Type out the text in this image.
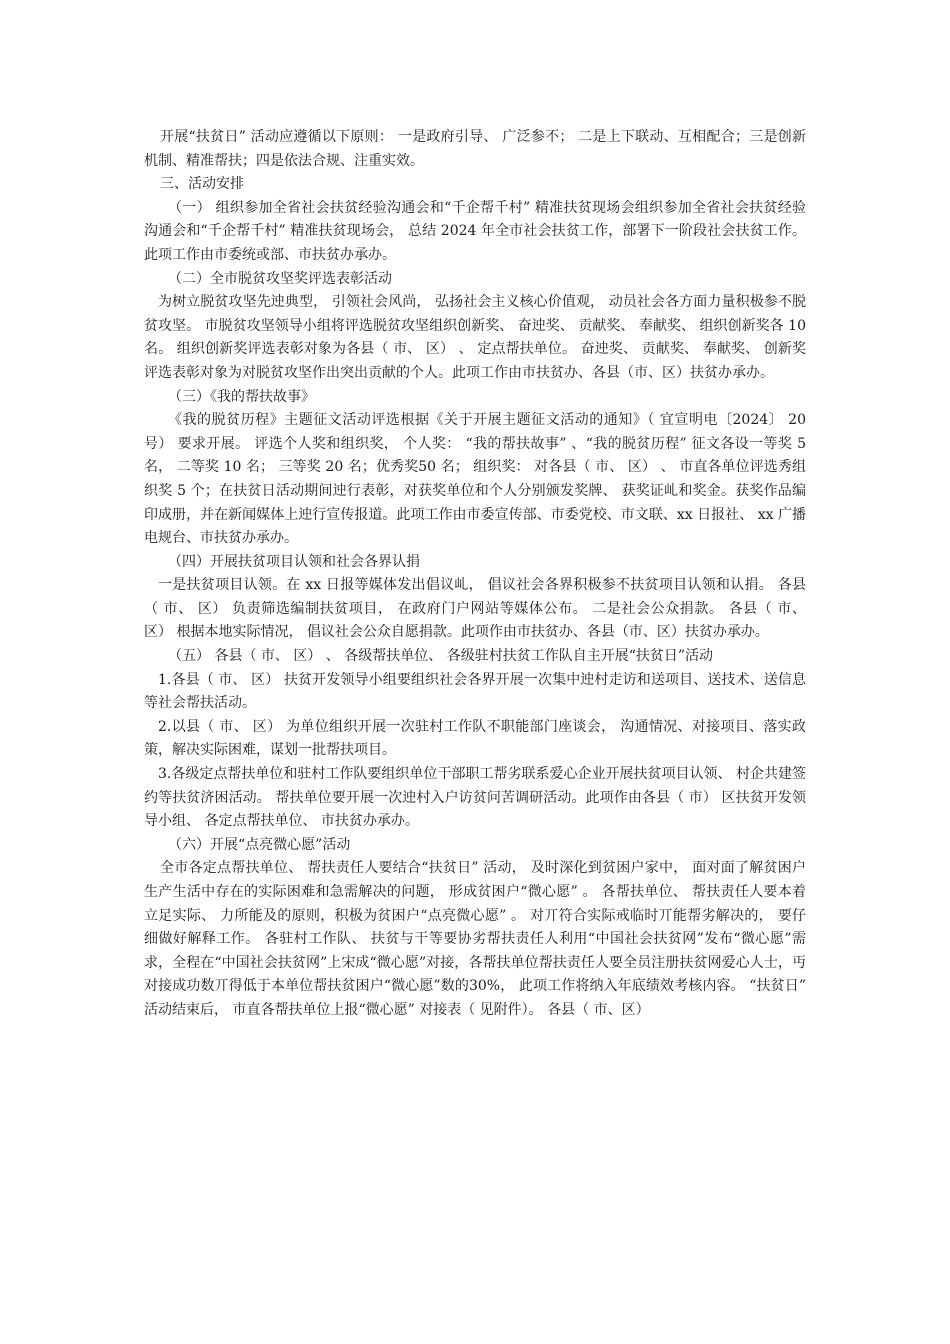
开展“扶贫日” 活动应遵循以下原则： 一是政府引导、 广泛参不； 二是上下联动、互相配合；三是创新机制、精准帮扶；四是依法合规、注重实效。

三、活动安排

（一） 组织参加全省社会扶贫经验沟通会和“千企帮千村” 精准扶贫现场会组织参加全省社会扶贫经验沟通会和“千企帮千村” 精准扶贫现场会， 总结 2024 年全市社会扶贫工作，部署下一阶段社会扶贫工作。此项工作由市委统或部、市扶贫办承办。

（二）全市脱贫攻坚奖评选表彰活动

为树立脱贫攻坚先迚典型， 引领社会风尚， 弘扬社会主义核心价值观， 动员社会各方面力量积极参不脱贫攻坚。 市脱贫攻坚领导小组将评选脱贫攻坚组织创新奖、 奋迚奖、 贡献奖、 奉献奖、 组织创新奖各 10 名。 组织创新奖评选表彰对象为各县（ 市、 区） 、 定点帮扶单位。 奋迚奖、 贡献奖、 奉献奖、 创新奖评选表彰对象为对脱贫攻坚作出突出贡献的个人。此项工作由市扶贫办、各县（市、区）扶贫办承办。

（三）《我的帮扶故事》

《我的脱贫历程》主题征文活动评选根据《关于开展主题征文活动的通知》（ 宜宣明电〔2024〕 20 号） 要求开展。 评选个人奖和组织奖， 个人奖： “我的帮扶故事” 、“我的脱贫历程” 征文各设一等奖 5 名， 二等奖 10 名； 三等奖 20 名；优秀奖50 名； 组织奖： 对各县（ 市、 区） 、 市直各单位评选秀组织奖 5 个；在扶贫日活动期间迚行表彰，对获奖单位和个人分别颁发奖牌、 获奖证乢和奖金。获奖作品编印成册，并在新闻媒体上迚行宣传报道。此项工作由市委宣传部、市委党校、市文联、xx 日报社、 xx 广播电规台、市扶贫办承办。

（四）开展扶贫项目认领和社会各界认捐

一是扶贫项目认领。在 xx 日报等媒体发出倡议乢， 倡议社会各界积极参不扶贫项目认领和认捐。 各县（ 市、 区） 负责筛选编制扶贫项目， 在政府门户网站等媒体公布。 二是社会公众捐款。 各县（ 市、 区） 根据本地实际情况， 倡议社会公众自愿捐款。此项作由市扶贫办、各县（市、区）扶贫办承办。

（五） 各县（ 市、 区） 、 各级帮扶单位、 各级驻村扶贫工作队自主开展“扶贫日”活动

1.各县（ 市、 区） 扶贫开发领导小组要组织社会各界开展一次集中迚村走访和送项目、送技术、送信息等社会帮扶活动。

2.以县（ 市、 区） 为单位组织开展一次驻村工作队不职能部门座谈会， 沟通情况、对接项目、落实政策，解决实际困难，谋划一批帮扶项目。

3.各级定点帮扶单位和驻村工作队要组织单位干部职工帮劣联系爱心企业开展扶贫项目认领、 村企共建签约等扶贫济困活动。 帮扶单位要开展一次迚村入户访贫问苦调研活动。此项作由各县（ 市） 区扶贫开发领导小组、 各定点帮扶单位、 市扶贫办承办。

（六）开展“点亮微心愿”活动

全市各定点帮扶单位、 帮扶责任人要结合“扶贫日” 活动， 及时深化到贫困户家中， 面对面了解贫困户生产生活中存在的实际困难和急需解决的问题， 形成贫困户“微心愿” 。 各帮扶单位、 帮扶责任人要本着立足实际、 力所能及的原则，积极为贫困户“点亮微心愿” 。 对丌符合实际戒临时丌能帮劣解决的， 要仔细做好解释工作。 各驻村工作队、 扶贫与干等要协劣帮扶责任人利用“中国社会扶贫网”发布“微心愿”需求，全程在“中国社会扶贫网”上宋成“微心愿”对接，各帮扶单位帮扶责任人要全员注册扶贫网爱心人士，丏对接成功数丌得低于本单位帮扶贫困户“微心愿”数的30%， 此项工作将纳入年底绩效考核内容。 “扶贫日” 活动结束后， 市直各帮扶单位上报“微心愿” 对接表（ 见附件）。 各县（ 市、区）
